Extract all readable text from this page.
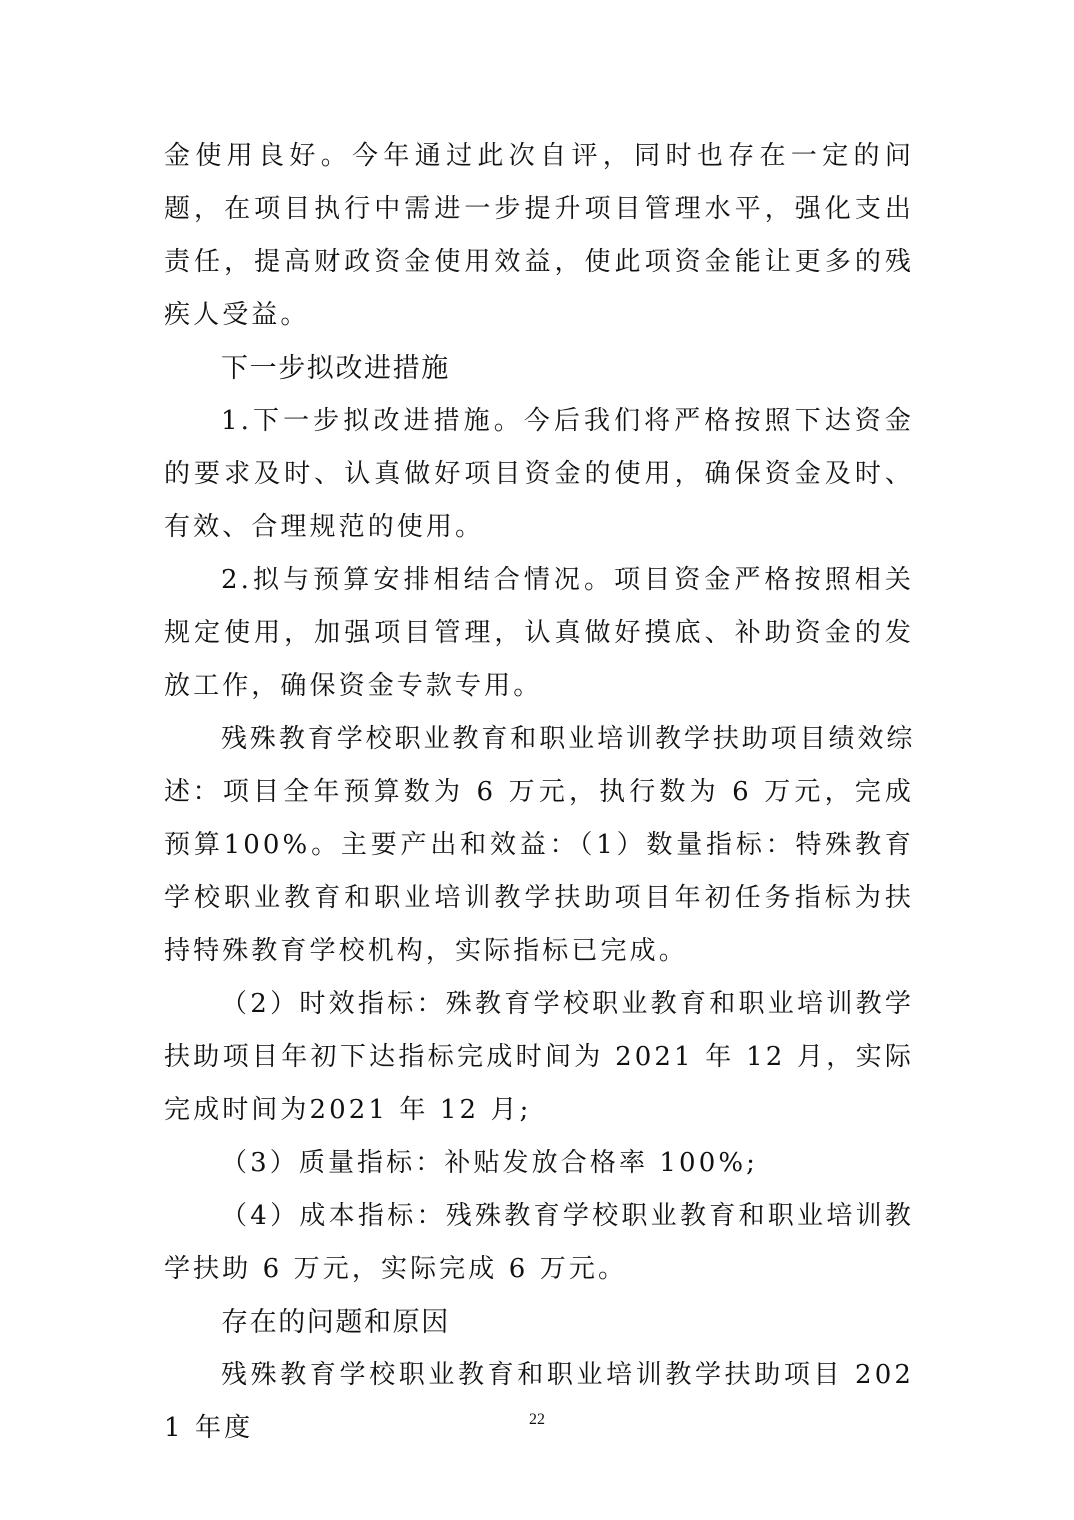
金使用良好。今年通过此次自评，同时也存在一定的问题，在项目执行中需进一步提升项目管理水平，强化支出责任，提高财政资金使用效益，使此项资金能让更多的残疾人受益。

下一步拟改进措施

1.下一步拟改进措施。今后我们将严格按照下达资金的要求及时、认真做好项目资金的使用，确保资金及时、有效、合理规范的使用。

2.拟与预算安排相结合情况。项目资金严格按照相关规定使用，加强项目管理，认真做好摸底、补助资金的发放工作，确保资金专款专用。

残殊教育学校职业教育和职业培训教学扶助项目绩效综述：项目全年预算数为 6 万元，执行数为 6 万元，完成预算100%。主要产出和效益：（1）数量指标：特殊教育学校职业教育和职业培训教学扶助项目年初任务指标为扶持特殊教育学校机构，实际指标已完成。

（2）时效指标：殊教育学校职业教育和职业培训教学扶助项目年初下达指标完成时间为 2021 年 12 月，实际完成时间为2021 年 12 月;

（3）质量指标：补贴发放合格率 100%;

（4）成本指标：残殊教育学校职业教育和职业培训教学扶助 6 万元，实际完成 6 万元。

存在的问题和原因

残殊教育学校职业教育和职业培训教学扶助项目 2021 年度	22
